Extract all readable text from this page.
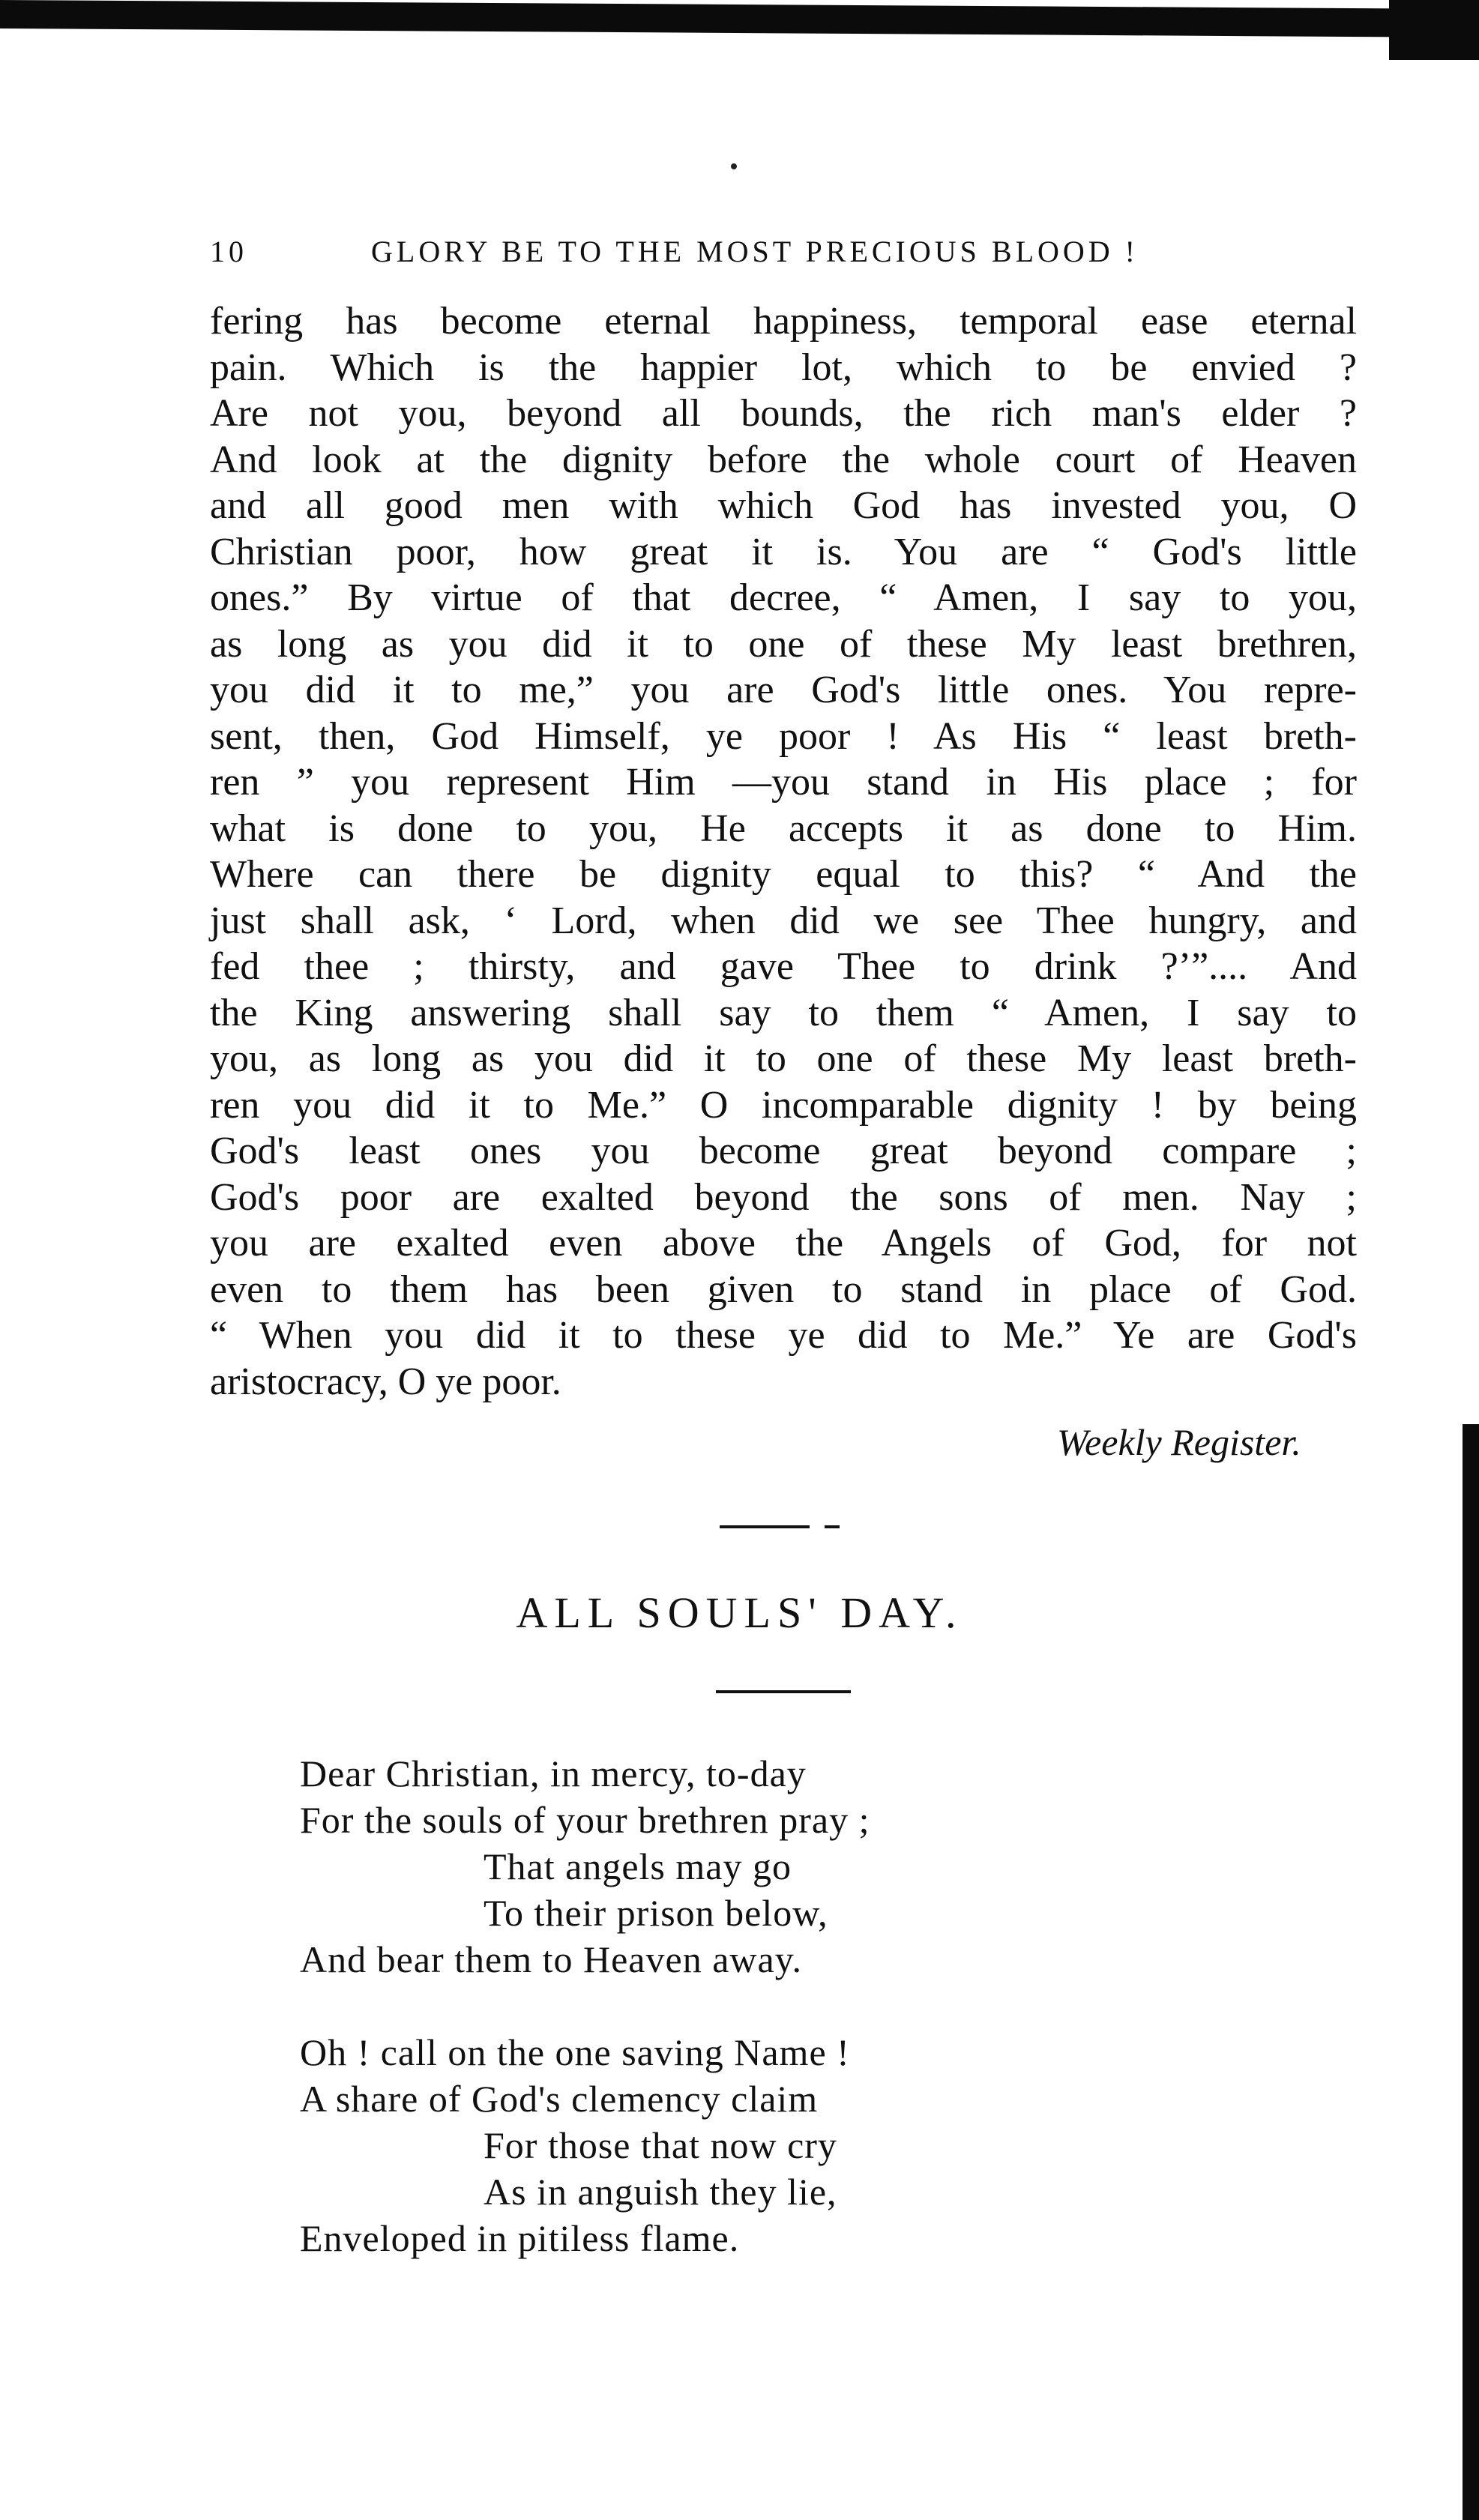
10	GLORY BE TO THE MOST PRECIOUS BLOOD !
fering has become eternal happiness, temporal ease eternal
pain. Which is the happier lot, which to be envied ?
Are not you, beyond all bounds, the rich man's elder ?
And look at the dignity before the whole court of Heaven
and all good men with which God has invested you, O
Christian poor, how great it is. You are “ God's little
ones.” By virtue of that decree, “ Amen, I say to you,
as long as you did it to one of these My least brethren,
you did it to me,” you are God's little ones. You repre-
sent, then, God Himself, ye poor ! As His “ least breth-
ren ” you represent Him —you stand in His place ; for
what is done to you, He accepts it as done to Him.
Where can there be dignity equal to this? “ And the
just shall ask, ‘ Lord, when did we see Thee hungry, and
fed thee ; thirsty, and gave Thee to drink ?’”.... And
the King answering shall say to them “ Amen, I say to
you, as long as you did it to one of these My least breth-
ren you did it to Me.” O incomparable dignity ! by being
God's least ones you become great beyond compare ;
God's poor are exalted beyond the sons of men. Nay ;
you are exalted even above the Angels of God, for not
even to them has been given to stand in place of God.
“ When you did it to these ye did to Me.” Ye are God's
aristocracy, O ye poor.
Weekly Register.
ALL SOULS' DAY.
Dear Christian, in mercy, to-day
For the souls of your brethren pray ;
That angels may go
To their prison below,
And bear them to Heaven away.
Oh ! call on the one saving Name !
A share of God's clemency claim
For those that now cry
As in anguish they lie,
Enveloped in pitiless flame.
